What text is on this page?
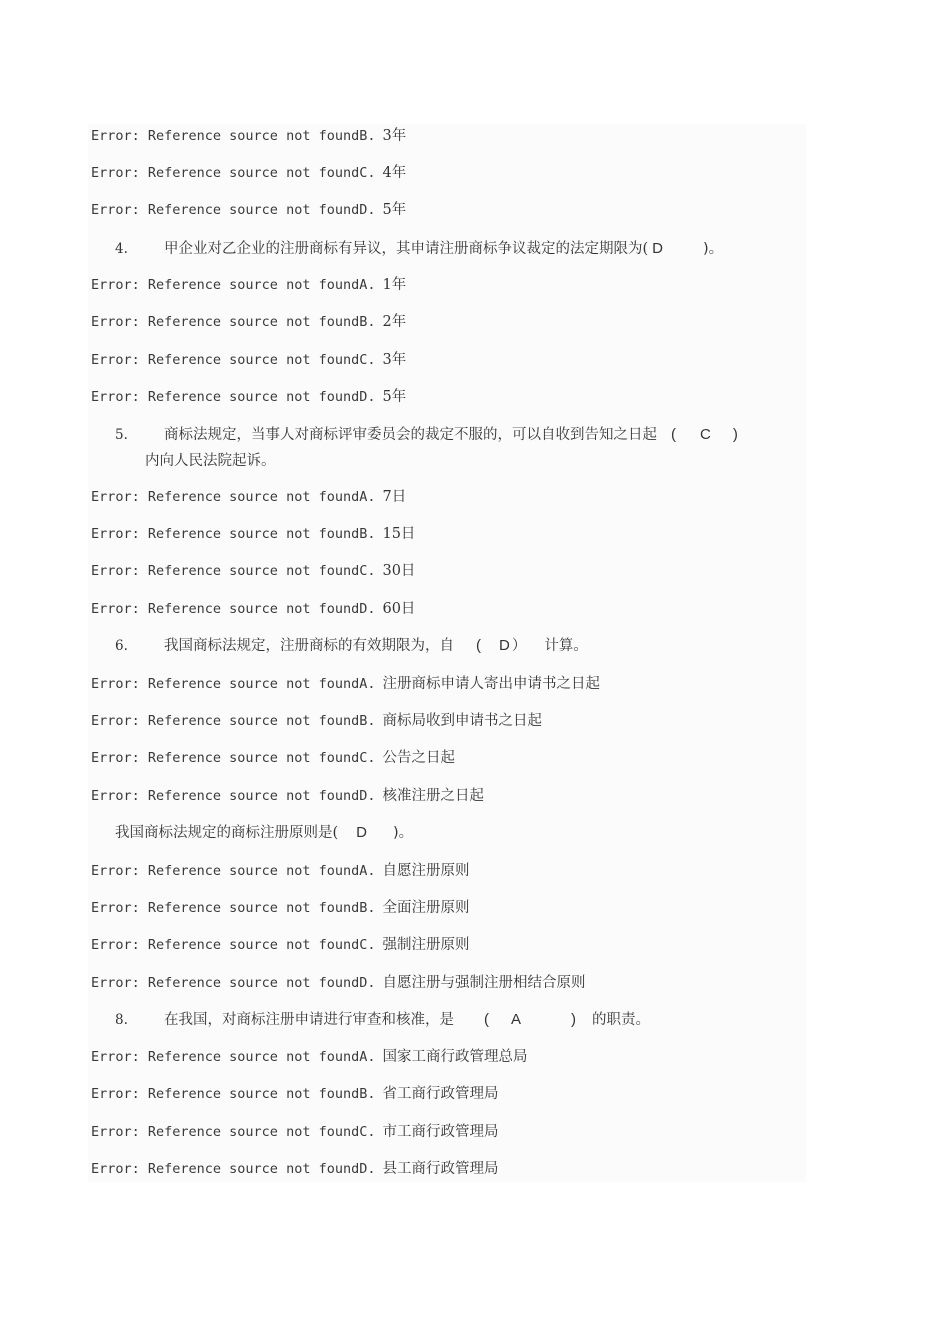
Error: Reference source not foundB. 3年
Error: Reference source not foundC. 4年
Error: Reference source not foundD. 5年
Error: Reference source not foundA. 1年
Error: Reference source not foundB. 2年
Error: Reference source not foundC. 3年
Error: Reference source not foundD. 5年
Error: Reference source not foundA. 7日
Error: Reference source not foundB. 15日
Error: Reference source not foundC. 30日
Error: Reference source not foundD. 60日
Error: Reference source not foundA. 注册商标申请人寄出申请书之日起
Error: Reference source not foundB. 商标局收到申请书之日起
Error: Reference source not foundC. 公告之日起
Error: Reference source not foundD. 核准注册之日起
Error: Reference source not foundA. 自愿注册原则
Error: Reference source not foundB. 全面注册原则
Error: Reference source not foundC. 强制注册原则
Error: Reference source not foundD. 自愿注册与强制注册相结合原则
Error: Reference source not foundA. 国家工商行政管理总局
Error: Reference source not foundB. 省工商行政管理局
Error: Reference source not foundC. 市工商行政管理局
Error: Reference source not foundD. 县工商行政管理局
4. 甲企业对乙企业的注册商标有异议，其申请注册商标争议裁定的法定期限为( D	)。
5. 商标法规定，当事人对商标评审委员会的裁定不服的，可以自收到告知之日起 ( C )
内向人民法院起诉。
6. 我国商标法规定，注册商标的有效期限为，自 ( D ） 计算。
我国商标法规定的商标注册原则是( D )。
8. 在我国，对商标注册申请进行审查和核准，是 ( A	) 的职责。
